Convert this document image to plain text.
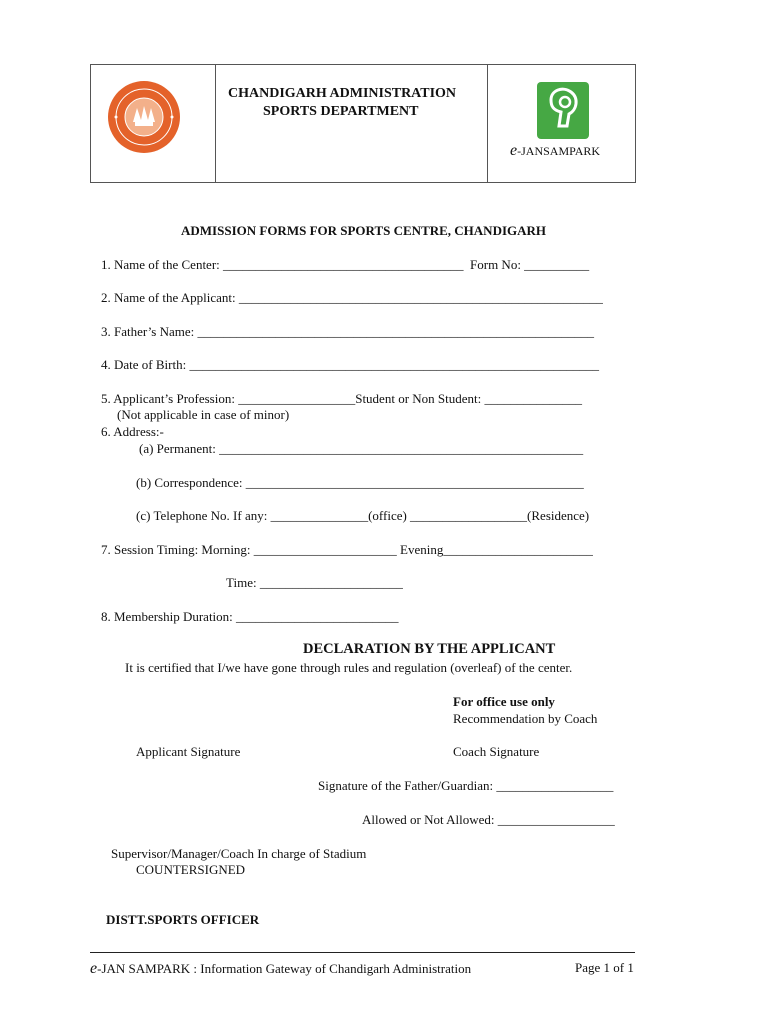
CHANDIGARH ADMINISTRATION
SPORTS DEPARTMENT
e-JANSAMPARK
ADMISSION FORMS FOR SPORTS CENTRE, CHANDIGARH
1. Name of the Center: _____________________________________  Form No: __________
2. Name of the Applicant: ________________________________________________________
3. Father’s Name: _____________________________________________________________
4. Date of Birth: _______________________________________________________________
5. Applicant’s Profession: __________________Student or Non Student: _______________
(Not applicable in case of minor)
6. Address:-
(a) Permanent: ________________________________________________________
(b) Correspondence: ____________________________________________________
(c) Telephone No. If any: _______________(office) __________________(Residence)
7. Session Timing: Morning: ______________________ Evening_______________________
Time: ______________________
8. Membership Duration: _________________________
DECLARATION BY THE APPLICANT
It is certified that I/we have gone through rules and regulation (overleaf) of the center.
For office use only
Recommendation by Coach
Applicant Signature	Coach Signature
Signature of the Father/Guardian: __________________
Allowed or Not Allowed: __________________
Supervisor/Manager/Coach In charge of Stadium
COUNTERSIGNED
DISTT.SPORTS OFFICER
e-JAN SAMPARK : Information Gateway of Chandigarh Administration	Page 1 of 1
